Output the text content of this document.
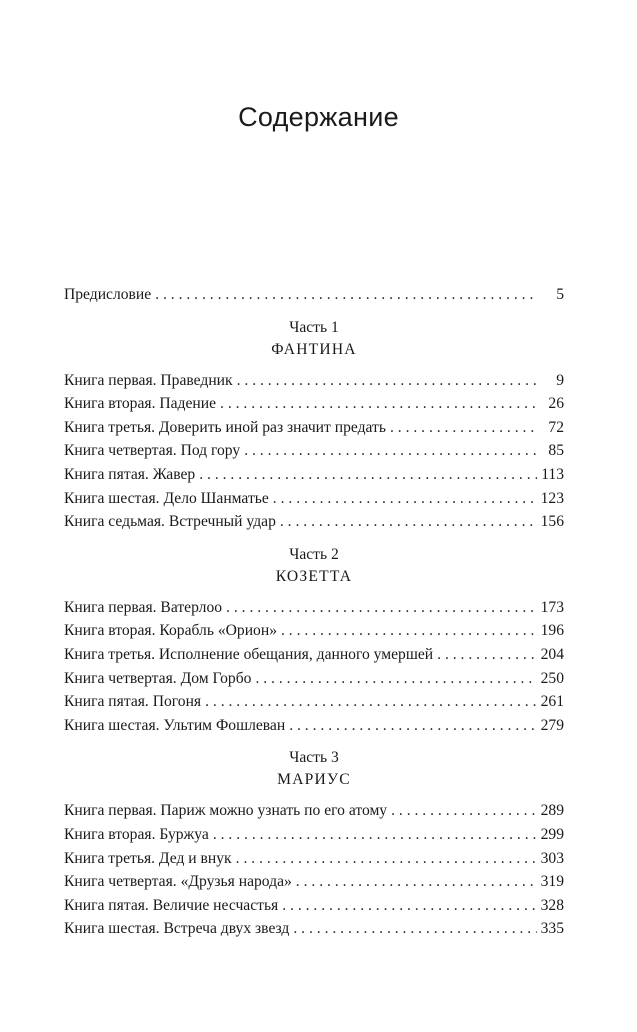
Содержание
Предисловие . . .	5
Часть 1
ФАНТИНА
Книга первая. Праведник . . .	9
Книга вторая. Падение . . .	26
Книга третья. Доверить иной раз значит предать . . .	72
Книга четвертая. Под гору . . .	85
Книга пятая. Жавер . . .	113
Книга шестая. Дело Шанматье . . .	123
Книга седьмая. Встречный удар . . .	156
Часть 2
КОЗЕТТА
Книга первая. Ватерлоо . . .	173
Книга вторая. Корабль «Орион» . . .	196
Книга третья. Исполнение обещания, данного умершей . . .	204
Книга четвертая. Дом Горбо . . .	250
Книга пятая. Погоня . . .	261
Книга шестая. Ультим Фошлеван . . .	279
Часть 3
МАРИУС
Книга первая. Париж можно узнать по его атому . . .	289
Книга вторая. Буржуа . . .	299
Книга третья. Дед и внук . . .	303
Книга четвертая. «Друзья народа» . . .	319
Книга пятая. Величие несчастья . . .	328
Книга шестая. Встреча двух звезд . . .	335
